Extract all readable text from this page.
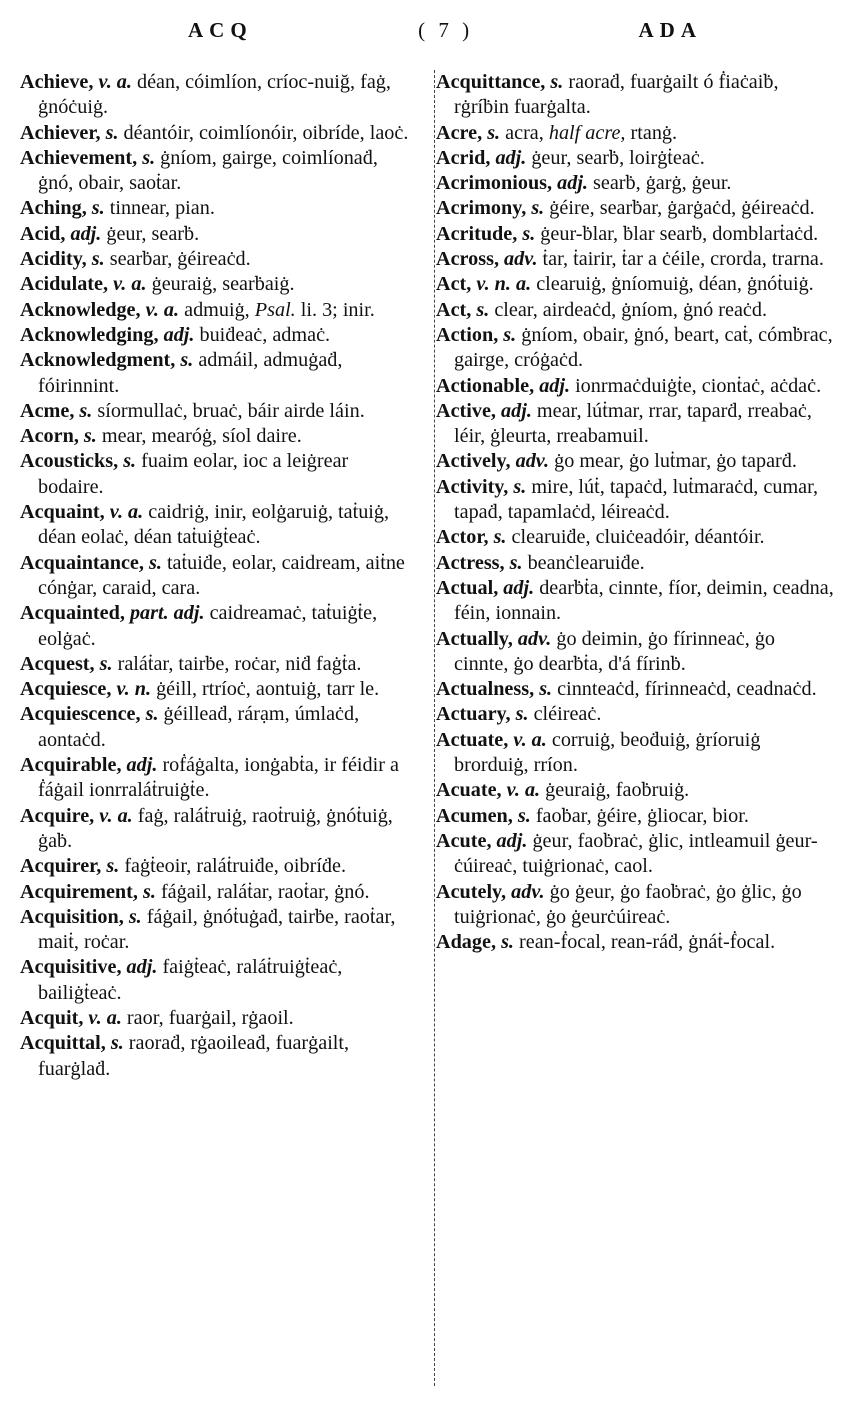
ACQ	( 7 )	ADA
Achieve, v. a. déan, cóimlíon, críoc-nuiğ, faġ, ġnóċuiġ.
Achiever, s. déantóir, coimlíonóir, oibríde, laoċ.
Achievement, s. ġníom, gairge, coimlíonaḋ, ġnó, obair, saoṫar.
Aching, s. tinnear, pian.
Acid, adj. ġeur, searḃ.
Acidity, s. searḃar, ġéireaċd.
Acidulate, v. a. ġeuraiġ, searḃaiġ.
Acknowledge, v. a. admuiġ, Psal. li. 3; inir.
Acknowledging, adj. buiḋeaċ, admaċ.
Acknowledgment, s. admáil, admuġaḋ, fóirinnint.
Acme, s. síormullaċ, bruaċ, báir airde láin.
Acorn, s. mear, mearóġ, síol daire.
Acousticks, s. fuaim eolar, ioc a leiġrear bodaire.
Acquaint, v. a. caidriġ, inir, eolġaruiġ, taṫuiġ, déan eolaċ, déan taṫuiġṫeaċ.
Acquaintance, s. taṫuiḋe, eolar, caidream, aiṫne cónġar, caraid, cara.
Acquainted, part. adj. caidreamaċ, taṫuiġṫe, eolġaċ.
Acquest, s. raláṫar, tairḃe, roċar, niḋ faġṫa.
Acquiesce, v. n. ġéill, rtríoċ, aontuiġ, tarr le.
Acquiescence, s. ġéilleaḋ, rárạm, úmlaċd, aontaċd.
Acquirable, adj. roḟáġalta, ionġabṫa, ir féidir a ḟáġail ionrraláṫruiġṫe.
Acquire, v. a. faġ, raláṫruiġ, raoṫruiġ, ġnóṫuiġ, ġaḃ.
Acquirer, s. faġṫeoir, raláṫruiḋe, oibríḋe.
Acquirement, s. fáġail, raláṫar, raoṫar, ġnó.
Acquisition, s. fáġail, ġnóṫuġaḋ, tairḃe, raoṫar, maiṫ, roċar.
Acquisitive, adj. faiġṫeaċ, raláṫruiġṫeaċ, bailiġṫeaċ.
Acquit, v. a. raor, fuarġail, rġaoil.
Acquittal, s. raoraḋ, rġaoileaḋ, fuarġailt, fuarġlaḋ.
Acquittance, s. raoraḋ, fuarġailt ó ḟiaċaiḃ, rġríḃin fuarġalta.
Acre, s. acra, half acre, rtanġ.
Acrid, adj. ġeur, searḃ, loirġṫeaċ.
Acrimonious, adj. searḃ, ġarġ, ġeur.
Acrimony, s. ġéire, searḃar, ġarġaċd, ġéireaċd.
Acritude, s. ġeur-ḃlar, ḃlar searḃ, domblarṫaċd.
Across, adv. ṫar, ṫairir, ṫar a ċéile, crorda, trarna.
Act, v. n. a. clearuiġ, ġníomuiġ, déan, ġnóṫuiġ.
Act, s. clear, airdeaċd, ġníom, ġnó reaċd.
Action, s. ġníom, obair, ġnó, beart, caṫ, cómḃrac, gairge, cróġaċd.
Actionable, adj. ionrmaċduiġṫe, cionṫaċ, aċdaċ.
Active, adj. mear, lúṫmar, rrar, taparḋ, rreabaċ, léir, ġleurta, rreabamuil.
Actively, adv. ġo mear, ġo luṫmar, ġo taparḋ.
Activity, s. mire, lúṫ, tapaċd, luṫmaraċd, cumar, tapaḋ, tapamlaċd, léireaċd.
Actor, s. clearuiḋe, cluiċeadóir, déantóir.
Actress, s. beanċlearuiḋe.
Actual, adj. dearḃṫa, cinnte, fíor, deimin, ceadna, féin, ionnain.
Actually, adv. ġo deimin, ġo fírinneaċ, ġo cinnte, ġo dearḃṫa, d'á fírinḃ.
Actualness, s. cinnteaċd, fírinneaċd, ceadnaċd.
Actuary, s. cléireaċ.
Actuate, v. a. corruiġ, beoḋuiġ, ġríoruiġ brorduiġ, rríon.
Acuate, v. a. ġeuraiġ, faoḃruiġ.
Acumen, s. faoḃar, ġéire, ġliocar, bior.
Acute, adj. ġeur, faoḃraċ, ġlic, intleamuil ġeur-ċúireaċ, tuiġrionaċ, caol.
Acutely, adv. ġo ġeur, ġo faoḃraċ, ġo ġlic, ġo tuiġrionaċ, ġo ġeurċúireaċ.
Adage, s. rean-ḟocal, rean-ráḋ, ġnáṫ-ḟocal.
